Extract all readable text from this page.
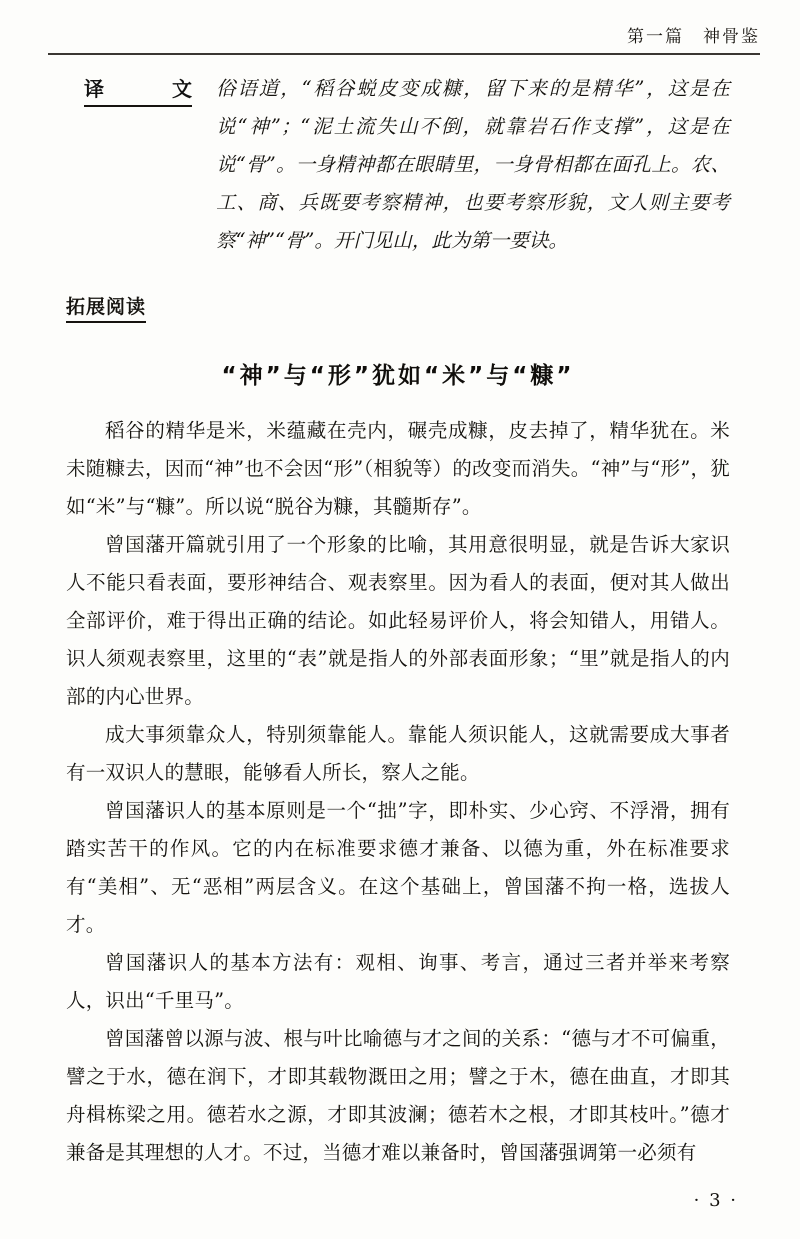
第一篇　神骨鉴
译文 俗语道，“稻谷蜕皮变成糠，留下来的是精华”，这是在说“神”；“泥土流失山不倒，就靠岩石作支撑”，这是在说“骨”。一身精神都在眼睛里，一身骨相都在面孔上。农、工、商、兵既要考察精神，也要考察形貌，文人则主要考察“神”“骨”。开门见山，此为第一要诀。
拓展阅读
“神”与“形”犹如“米”与“糠”

稻谷的精华是米，米蕴藏在壳内，碾壳成糠，皮去掉了，精华犹在。米未随糠去，因而“神”也不会因“形”（相貌等）的改变而消失。“神”与“形”，犹如“米”与“糠”。所以说“脱谷为糠，其髓斯存”。

曾国藩开篇就引用了一个形象的比喻，其用意很明显，就是告诉大家识人不能只看表面，要形神结合、观表察里。因为看人的表面，便对其人做出全部评价，难于得出正确的结论。如此轻易评价人，将会知错人，用错人。识人须观表察里，这里的“表”就是指人的外部表面形象；“里”就是指人的内部的内心世界。

成大事须靠众人，特别须靠能人。靠能人须识能人，这就需要成大事者有一双识人的慧眼，能够看人所长，察人之能。

曾国藩识人的基本原则是一个“拙”字，即朴实、少心窍、不浮滑，拥有踏实苦干的作风。它的内在标准要求德才兼备、以德为重，外在标准要求有“美相”、无“恶相”两层含义。在这个基础上，曾国藩不拘一格，选拔人才。

曾国藩识人的基本方法有：观相、询事、考言，通过三者并举来考察人，识出“千里马”。

曾国藩曾以源与波、根与叶比喻德与才之间的关系：“德与才不可偏重，譬之于水，德在润下，才即其载物溉田之用；譬之于木，德在曲直，才即其舟楫栋梁之用。德若水之源，才即其波澜；德若木之根，才即其枝叶。”德才兼备是其理想的人才。不过，当德才难以兼备时，曾国藩强调第一必须有

· 3 ·
